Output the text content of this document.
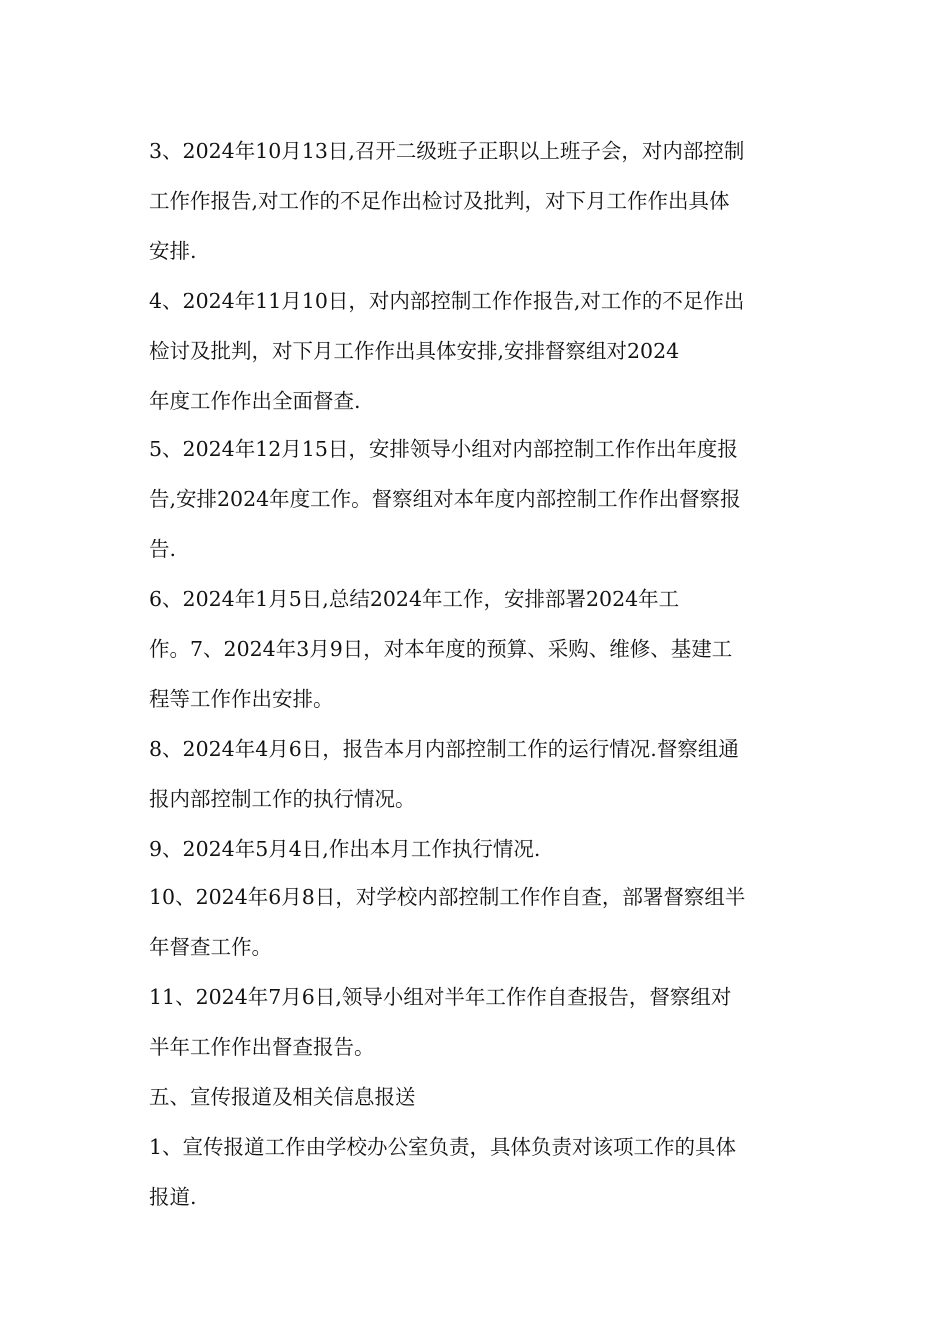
3、2024年10月13日,召开二级班子正职以上班子会，对内部控制
工作作报告,对工作的不足作出检讨及批判，对下月工作作出具体
安排.
4、2024年11月10日，对内部控制工作作报告,对工作的不足作出
检讨及批判，对下月工作作出具体安排,安排督察组对2024
年度工作作出全面督查.
5、2024年12月15日，安排领导小组对内部控制工作作出年度报
告,安排2024年度工作。督察组对本年度内部控制工作作出督察报
告.
6、2024年1月5日,总结2024年工作，安排部署2024年工
作。7、2024年3月9日，对本年度的预算、采购、维修、基建工
程等工作作出安排。
8、2024年4月6日，报告本月内部控制工作的运行情况.督察组通
报内部控制工作的执行情况。
9、2024年5月4日,作出本月工作执行情况.
10、2024年6月8日，对学校内部控制工作作自查，部署督察组半
年督查工作。
11、2024年7月6日,领导小组对半年工作作自查报告，督察组对
半年工作作出督查报告。
五、宣传报道及相关信息报送
1、宣传报道工作由学校办公室负责，具体负责对该项工作的具体
报道.
